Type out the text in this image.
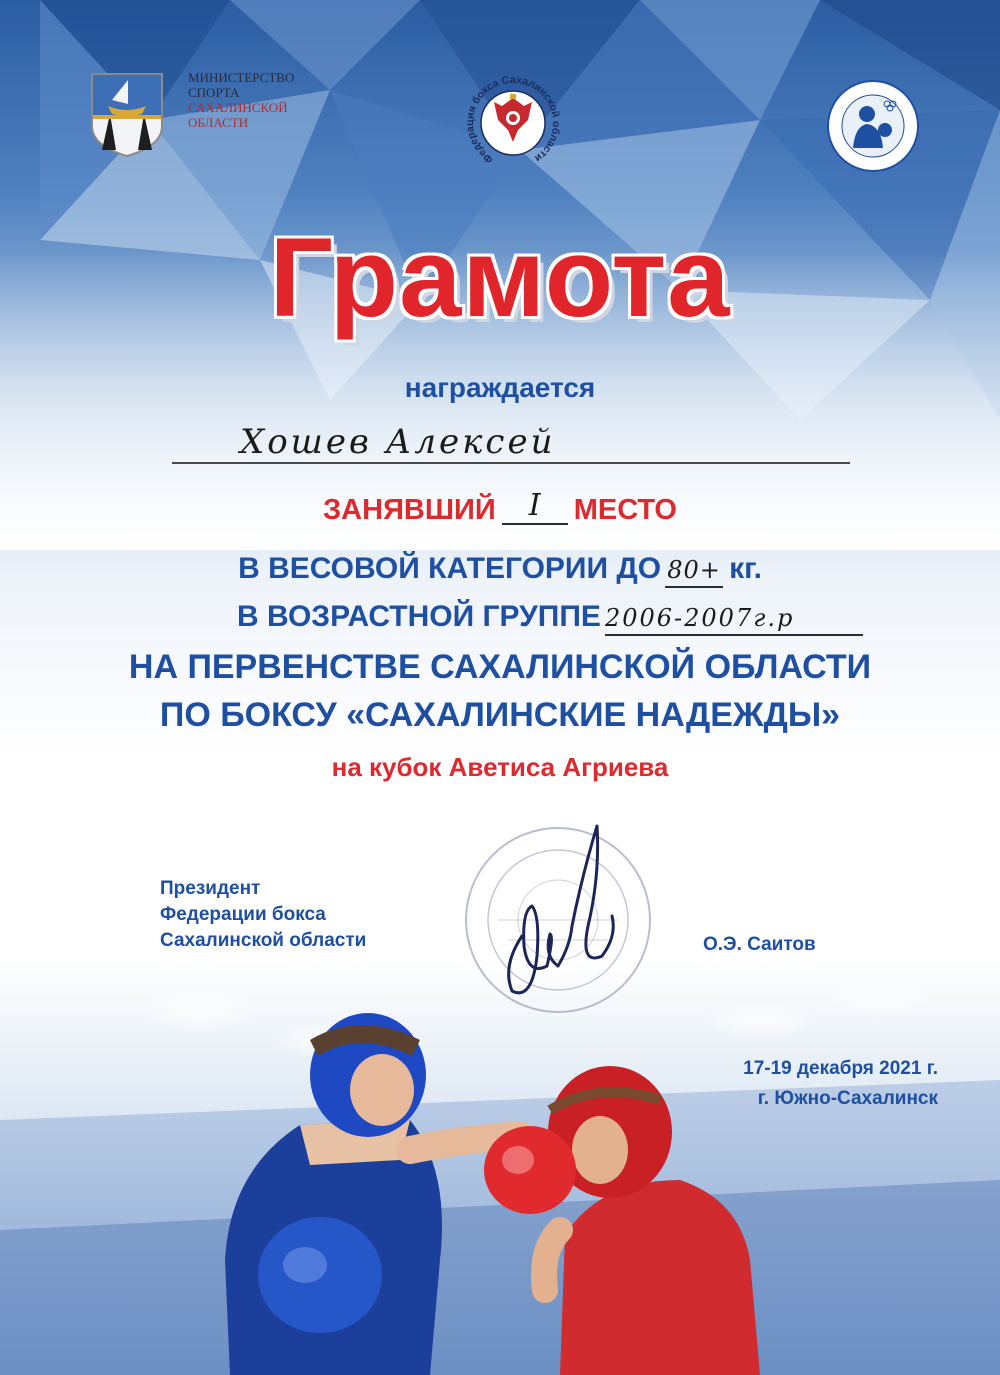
МИНИСТЕРСТВО
СПОРТА
САХАЛИНСКОЙ
ОБЛАСТИ
Федерация бокса Сахалинской области
Грамота
награждается
Хошев Алексей
ЗАНЯВШИЙ I МЕСТО
В ВЕСОВОЙ КАТЕГОРИИ ДО 80+ кг.
В ВОЗРАСТНОЙ ГРУППЕ 2006-2007г.р
НА ПЕРВЕНСТВЕ САХАЛИНСКОЙ ОБЛАСТИ
ПО БОКСУ «САХАЛИНСКИЕ НАДЕЖДЫ»
на кубок Аветиса Агриева
Президент
Федерации бокса
Сахалинской области	О.Э. Саитов
17-19 декабря 2021 г.
г. Южно-Сахалинск
